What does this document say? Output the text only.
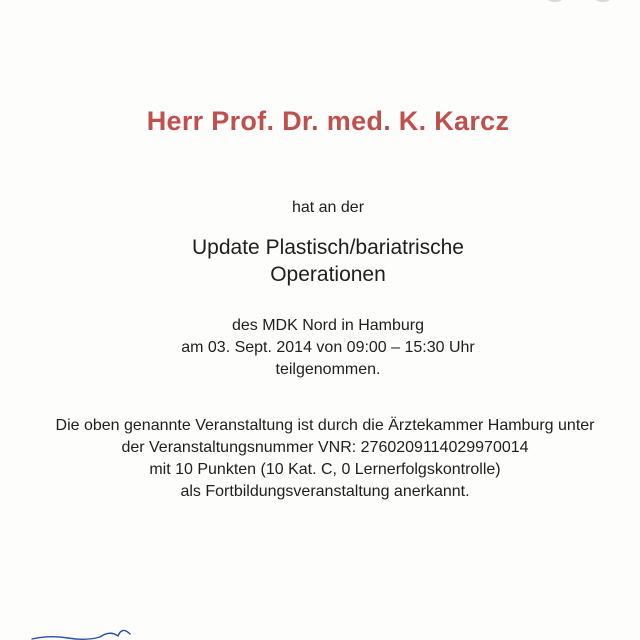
Herr Prof. Dr. med. K. Karcz

hat an der

Update Plastisch/bariatrische

Operationen

des MDK Nord in Hamburg

am 03. Sept. 2014 von 09:00 – 15:30 Uhr

teilgenommen.

Die oben genannte Veranstaltung ist durch die Ärztekammer Hamburg unter

der Veranstaltungsnummer VNR: 2760209114029970014

mit 10 Punkten (10 Kat. C, 0 Lernerfolgskontrolle)

als Fortbildungsveranstaltung anerkannt.
